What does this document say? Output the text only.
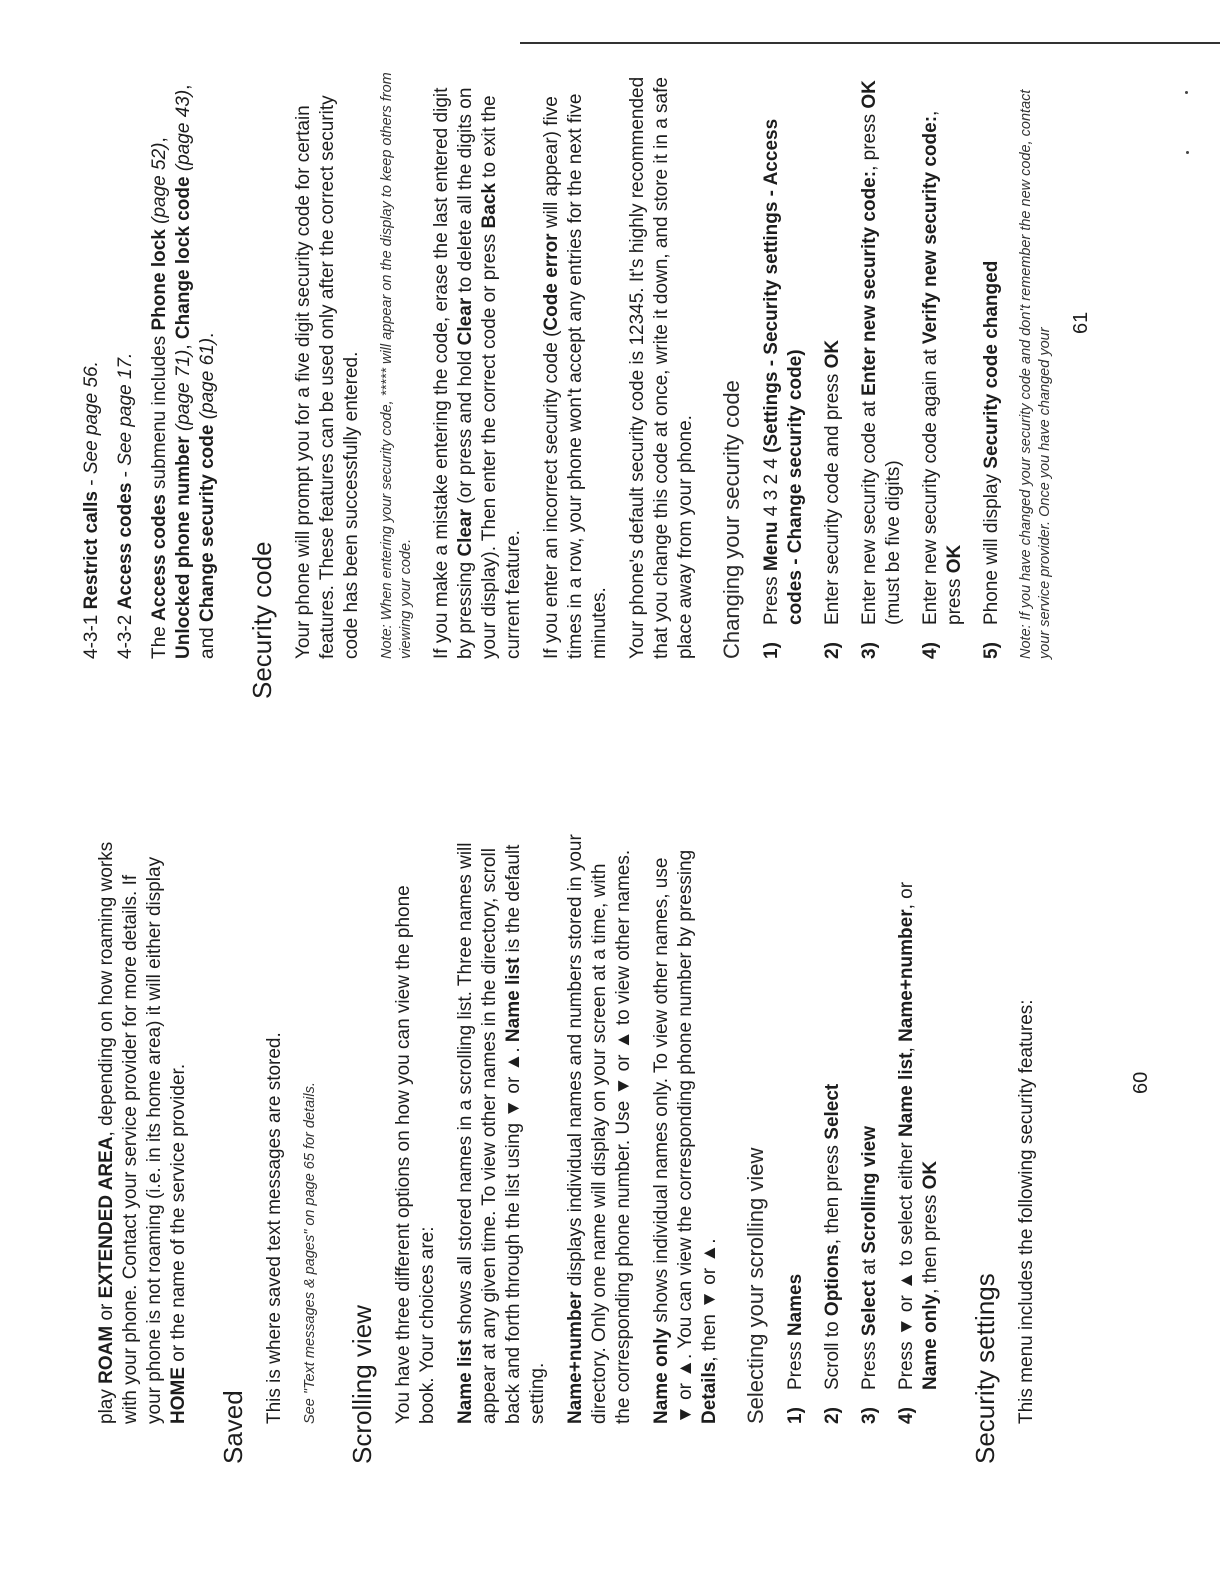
play ROAM or EXTENDED AREA, depending on how roaming works with your phone. Contact your service provider for more details. If your phone is not roaming (i.e. in its home area) it will either display HOME or the name of the service provider.

Saved

This is where saved text messages are stored. See "Text messages & pages" on page 65 for details. Scrolling view You have three different options on how you can view the phone book. Your choices are: Name list shows all stored names in a scrolling list. Three names will appear at any given time. To view other names in the directory, scroll back and forth through the list using ▼ or ▲. Name list is the default setting. Name+number displays individual names and numbers stored in your directory. Only one name will display on your screen at a time, with the corresponding phone number. Use ▼ or ▲ to view other names. Name only shows individual names only. To view other names, use ▼ or ▲. You can view the corresponding phone number by pressing Details, then ▼ or ▲. Selecting your scrolling view 1)
Press Names
2)
Scroll to Options, then press Select
3)
Press Select at Scrolling view
4)
Press ▼ or ▲ to select either Name list, Name+number, or Name only, then press OK
Security settings This menu includes the following security features:	60

4-3-1 Restrict calls - See page 56.

4-3-2 Access codes - See page 17.

The Access codes submenu includes Phone lock (page 52), Unlocked phone number (page 71), Change lock code (page 43), and Change security code (page 61).

Security code Your phone will prompt you for a five digit security code for certain features. These features can be used only after the correct security code has been successfully entered. Note: When entering your security code, ***** will appear on the display to keep others from viewing your code. If you make a mistake entering the code, erase the last entered digit by pressing Clear (or press and hold Clear to delete all the digits on your display). Then enter the correct code or press Back to exit the current feature. If you enter an incorrect security code (Code error will appear) five times in a row, your phone won't accept any entries for the next five minutes. Your phone's default security code is 12345. It's highly recommended that you change this code at once, write it down, and store it in a safe place away from your phone. Changing your security code 1)
Press Menu 4 3 2 4 (Settings - Security settings - Access codes - Change security code)
2)
Enter security code and press OK
3)
Enter new security code at Enter new security code:, press OK (must be five digits)
4)
Enter new security code again at Verify new security code:, press OK
5)
Phone will display Security code changed Note: If you have changed your security code and don't remember the new code, contact your service provider. Once you have changed your

61
